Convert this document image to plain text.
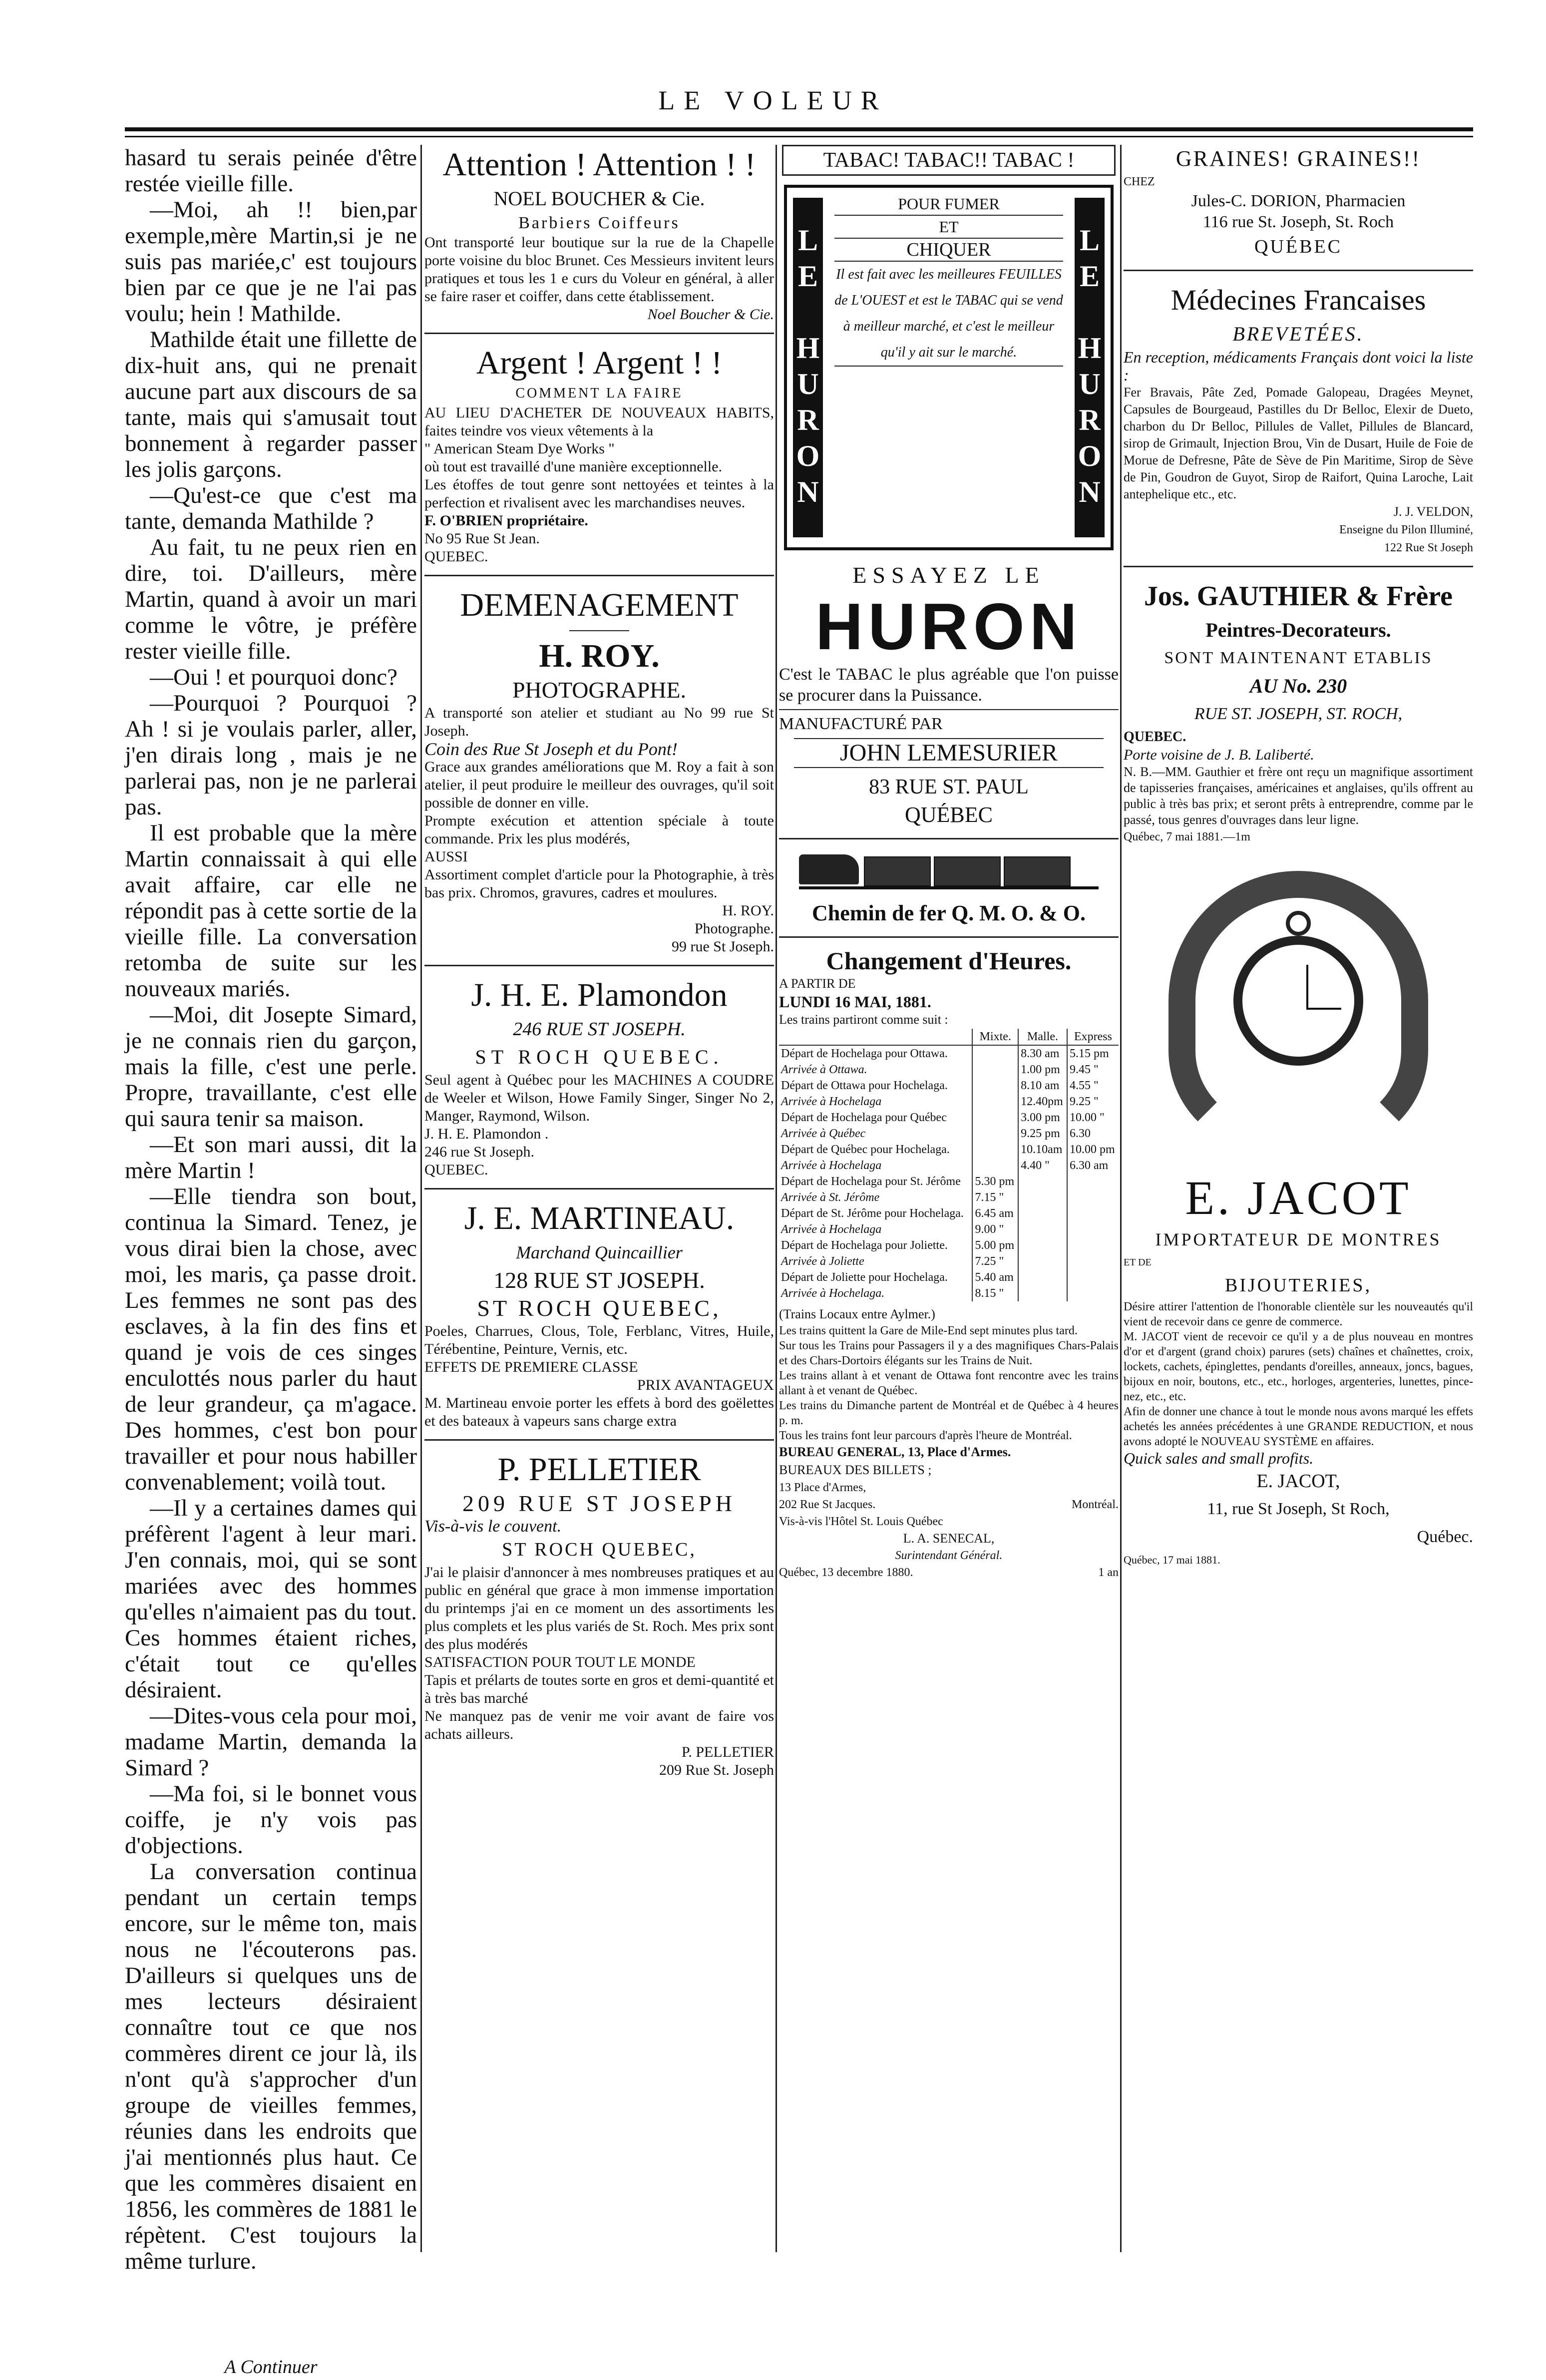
LE VOLEUR

hasard tu serais peinée d'être restée vieille fille.

—Moi, ah !! bien,par exemple,mère Martin,si je ne suis pas mariée,c' est toujours bien par ce que je ne l'ai pas voulu; hein ! Mathilde.

Mathilde était une fillette de dix-huit ans, qui ne prenait aucune part aux discours de sa tante, mais qui s'amusait tout bonnement à regarder passer les jolis garçons.

—Qu'est-ce que c'est ma tante, demanda Mathilde ?

Au fait, tu ne peux rien en dire, toi. D'ailleurs, mère Martin, quand à avoir un mari comme le vôtre, je préfère rester vieille fille.

—Oui ! et pourquoi donc?

—Pourquoi ? Pourquoi ? Ah ! si je voulais parler, aller, j'en dirais long , mais je ne parlerai pas, non je ne parlerai pas.

Il est probable que la mère Martin connaissait à qui elle avait affaire, car elle ne répondit pas à cette sortie de la vieille fille. La conversation retomba de suite sur les nouveaux mariés.

—Moi, dit Josepte Simard, je ne connais rien du garçon, mais la fille, c'est une perle. Propre, travaillante, c'est elle qui saura tenir sa maison.

—Et son mari aussi, dit la mère Martin !

—Elle tiendra son bout, continua la Simard. Tenez, je vous dirai bien la chose, avec moi, les maris, ça passe droit. Les femmes ne sont pas des esclaves, à la fin des fins et quand je vois de ces singes enculottés nous parler du haut de leur grandeur, ça m'agace. Des hommes, c'est bon pour travailler et pour nous habiller convenablement; voilà tout.

—Il y a certaines dames qui préfèrent l'agent à leur mari. J'en connais, moi, qui se sont mariées avec des hommes qu'elles n'aimaient pas du tout. Ces hommes étaient riches, c'était tout ce qu'elles désiraient.

—Dites-vous cela pour moi, madame Martin, demanda la Simard ?

—Ma foi, si le bonnet vous coiffe, je n'y vois pas d'objections.

La conversation continua pendant un certain temps encore, sur le même ton, mais nous ne l'écouterons pas. D'ailleurs si quelques uns de mes lecteurs désiraient connaître tout ce que nos commères dirent ce jour là, ils n'ont qu'à s'approcher d'un groupe de vieilles femmes, réunies dans les endroits que j'ai mentionnés plus haut. Ce que les commères disaient en 1856, les commères de 1881 le répètent. C'est toujours la même turlure.

A Continuer

Attention ! Attention ! !
NOEL BOUCHER & Cie.
Barbiers Coiffeurs
Ont transporté leur boutique sur la rue de la Chapelle porte voisine du bloc Brunet. Ces Messieurs invitent leurs pratiques et tous les 1 e curs du Voleur en général, à aller se faire raser et coiffer, dans cette établissement.
Noel Boucher & Cie.
Argent ! Argent ! !
COMMENT LA FAIRE
AU LIEU D'ACHETER DE NOUVEAUX HABITS, faites teindre vos vieux vêtements à la
" American Steam Dye Works "
où tout est travaillé d'une manière exceptionnelle.
Les étoffes de tout genre sont nettoyées et teintes à la perfection et rivalisent avec les marchandises neuves.
F. O'BRIEN propriétaire.
No 95 Rue St Jean.
QUEBEC.
DEMENAGEMENT
H. ROY.
PHOTOGRAPHE.
A transporté son atelier et studiant au No 99 rue St Joseph.
Coin des Rue St Joseph et du Pont!
Grace aux grandes améliorations que M. Roy a fait à son atelier, il peut produire le meilleur des ouvrages, qu'il soit possible de donner en ville.
Prompte exécution et attention spéciale à toute commande. Prix les plus modérés,
AUSSI
Assortiment complet d'article pour la Photographie, à très bas prix. Chromos, gravures, cadres et moulures.
H. ROY.
Photographe.
99 rue St Joseph.
J. H. E. Plamondon
246 RUE ST JOSEPH.
ST ROCH QUEBEC.
Seul agent à Québec pour les MACHINES A COUDRE de Weeler et Wilson, Howe Family Singer, Singer No 2, Manger, Raymond, Wilson.
J. H. E. Plamondon .
246 rue St Joseph.
QUEBEC.
J. E. MARTINEAU.
Marchand Quincaillier
128 RUE ST JOSEPH.
ST ROCH QUEBEC,
Poeles, Charrues, Clous, Tole, Ferblanc, Vitres, Huile, Térébentine, Peinture, Vernis, etc.
EFFETS DE PREMIERE CLASSE
PRIX AVANTAGEUX
M. Martineau envoie porter les effets à bord des goëlettes et des bateaux à vapeurs sans charge extra
P. PELLETIER
209 RUE ST JOSEPH
Vis-à-vis le couvent.
ST ROCH QUEBEC,
J'ai le plaisir d'annoncer à mes nombreuses pratiques et au public en général que grace à mon immense importation du printemps j'ai en ce moment un des assortiments les plus complets et les plus variés de St. Roch. Mes prix sont des plus modérés
SATISFACTION POUR TOUT LE MONDE
Tapis et prélarts de toutes sorte en gros et demi-quantité et à très bas marché
Ne manquez pas de venir me voir avant de faire vos achats ailleurs.
P. PELLETIER
209 Rue St. Joseph
TABAC! TABAC!! TABAC !
LE HURON	LE HURON
POUR FUMER
ET
CHIQUER
Il est fait avec les meilleures FEUILLES de L'OUEST et est le TABAC qui se vend à meilleur marché, et c'est le meilleur qu'il y ait sur le marché.
ESSAYEZ LE
HURON
C'est le TABAC le plus agréable que l'on puisse se procurer dans la Puissance.
MANUFACTURÉ PAR
JOHN LEMESURIER
83 RUE ST. PAUL
QUÉBEC
Chemin de fer Q. M. O. & O.
Changement d'Heures.
A PARTIR DE
LUNDI 16 MAI, 1881.
Les trains partiront comme suit :
	Mixte.	Malle.	Express
Départ de Hochelaga pour Ottawa.		8.30 am	5.15 pm
Arrivée à Ottawa.		1.00 pm	9.45 "
Départ de Ottawa pour Hochelaga.		8.10 am	4.55 "
Arrivée à Hochelaga		12.40pm	9.25 "
Départ de Hochelaga pour Québec		3.00 pm	10.00 "
Arrivée à Québec		9.25 pm	6.30
Départ de Québec pour Hochelaga.		10.10am	10.00 pm
Arrivée à Hochelaga		4.40 "	6.30 am
Départ de Hochelaga pour St. Jérôme	5.30 pm		
Arrivée à St. Jérôme	7.15 "		
Départ de St. Jérôme pour Hochelaga.	6.45 am		
Arrivée à Hochelaga	9.00 "		
Départ de Hochelaga pour Joliette.	5.00 pm		
Arrivée à Joliette	7.25 "		
Départ de Joliette pour Hochelaga.	5.40 am		
Arrivée à Hochelaga.	8.15 "		
(Trains Locaux entre Aylmer.)
Les trains quittent la Gare de Mile-End sept minutes plus tard.
Sur tous les Trains pour Passagers il y a des magnifiques Chars-Palais et des Chars-Dortoirs élégants sur les Trains de Nuit.
Les trains allant à et venant de Ottawa font rencontre avec les trains allant à et venant de Québec.
Les trains du Dimanche partent de Montréal et de Québec à 4 heures p. m.
Tous les trains font leur parcours d'après l'heure de Montréal.
BUREAU GENERAL, 13, Place d'Armes.
BUREAUX DES BILLETS ;
13 Place d'Armes,
202 Rue St Jacques.	Montréal.
Vis-à-vis l'Hôtel St. Louis Québec
L. A. SENECAL,
Surintendant Général.
Québec, 13 decembre 1880.	1 an
GRAINES! GRAINES!!
CHEZ
Jules-C. DORION, Pharmacien
116 rue St. Joseph, St. Roch
QUÉBEC
Médecines Francaises
BREVETÉES.
En reception, médicaments Français dont voici la liste :
Fer Bravais, Pâte Zed, Pomade Galopeau, Dragées Meynet, Capsules de Bourgeaud, Pastilles du Dr Belloc, Elexir de Dueto, charbon du Dr Belloc, Pillules de Vallet, Pillules de Blancard, sirop de Grimault, Injection Brou, Vin de Dusart, Huile de Foie de Morue de Defresne, Pâte de Sève de Pin Maritime, Sirop de Sève de Pin, Goudron de Guyot, Sirop de Raifort, Quina Laroche, Lait antephelique etc., etc.
J. J. VELDON,
Enseigne du Pilon Illuminé,
122 Rue St Joseph
Jos. GAUTHIER & Frère
Peintres-Decorateurs.
SONT MAINTENANT ETABLIS
AU No. 230
RUE ST. JOSEPH, ST. ROCH,
QUEBEC.
Porte voisine de J. B. Laliberté.
N. B.—MM. Gauthier et frère ont reçu un magnifique assortiment de tapisseries françaises, américaines et anglaises, qu'ils offrent au public à très bas prix; et seront prêts à entreprendre, comme par le passé, tous genres d'ouvrages dans leur ligne.
Québec, 7 mai 1881.—1m
E. JACOT
IMPORTATEUR DE MONTRES
ET DE
BIJOUTERIES,
Désire attirer l'attention de l'honorable clientèle sur les nouveautés qu'il vient de recevoir dans ce genre de commerce.
M. JACOT vient de recevoir ce qu'il y a de plus nouveau en montres d'or et d'argent (grand choix) parures (sets) chaînes et chaînettes, croix, lockets, cachets, épinglettes, pendants d'oreilles, anneaux, joncs, bagues, bijoux en noir, boutons, etc., etc., horloges, argenteries, lunettes, pince-nez, etc., etc.
Afin de donner une chance à tout le monde nous avons marqué les effets achetés les années précédentes à une GRANDE REDUCTION, et nous avons adopté le NOUVEAU SYSTÈME en affaires.
Quick sales and small profits.
E. JACOT,
11, rue St Joseph, St Roch,
Québec.
Québec, 17 mai 1881.
